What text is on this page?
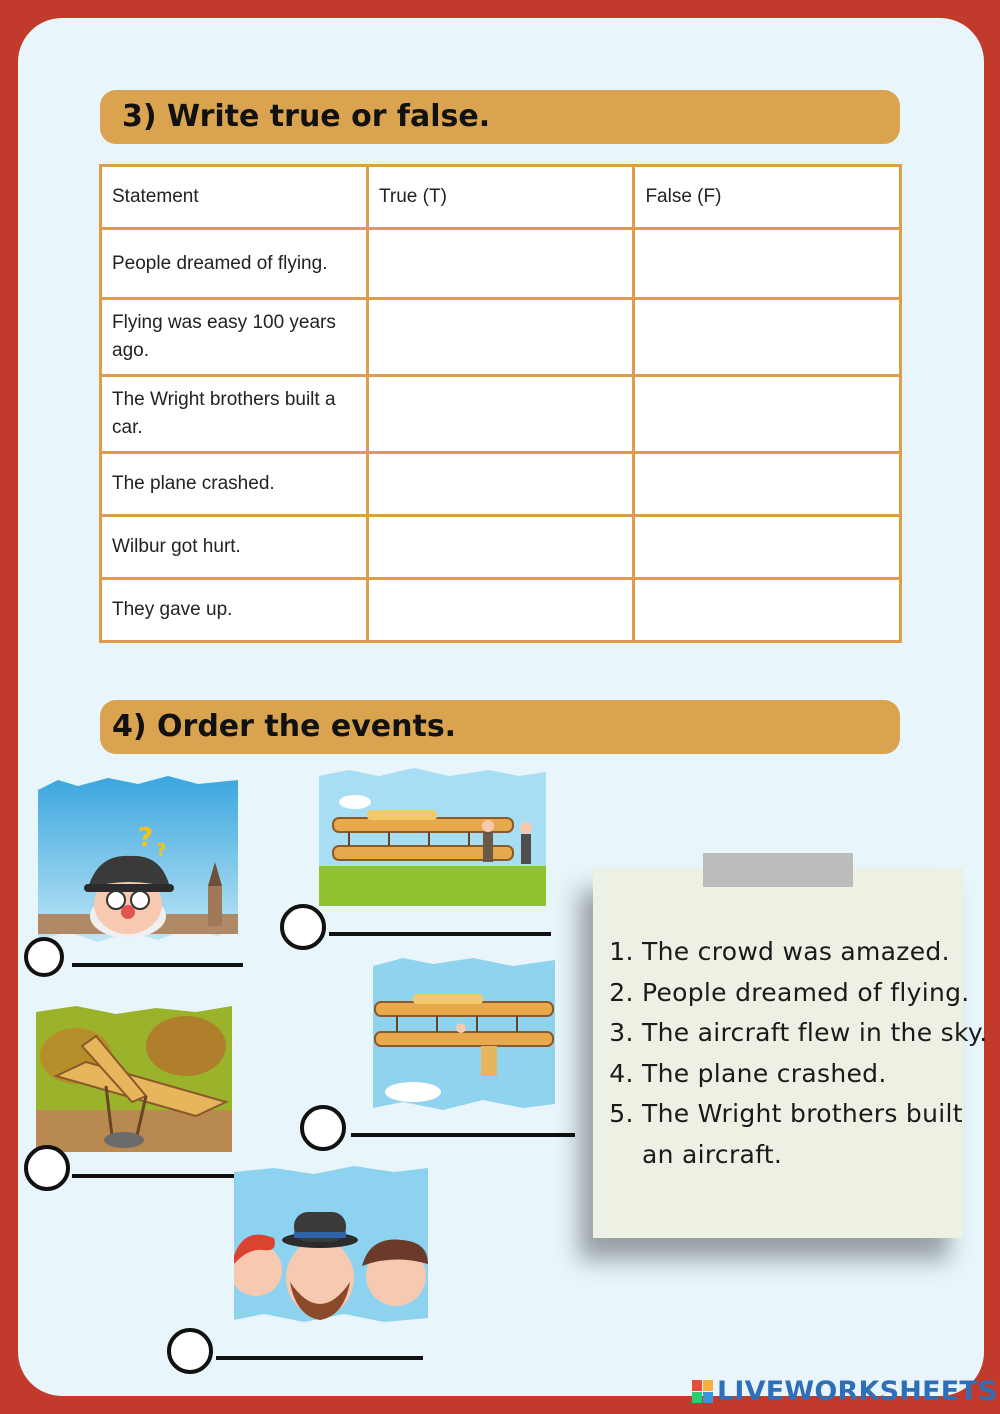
3) Write true or false.
Statement	True (T)	False (F)
People dreamed of flying.		
Flying was easy 100 years ago.		
The Wright brothers built a car.		
The plane crashed.		
Wilbur got hurt.		
They gave up.		
4) Order the events.
? ?
1. The crowd was amazed.
2. People dreamed of flying.
3. The aircraft flew in the sky.
4. The plane crashed.
5. The Wright brothers built an aircraft.
LIVEWORKSHEETS
